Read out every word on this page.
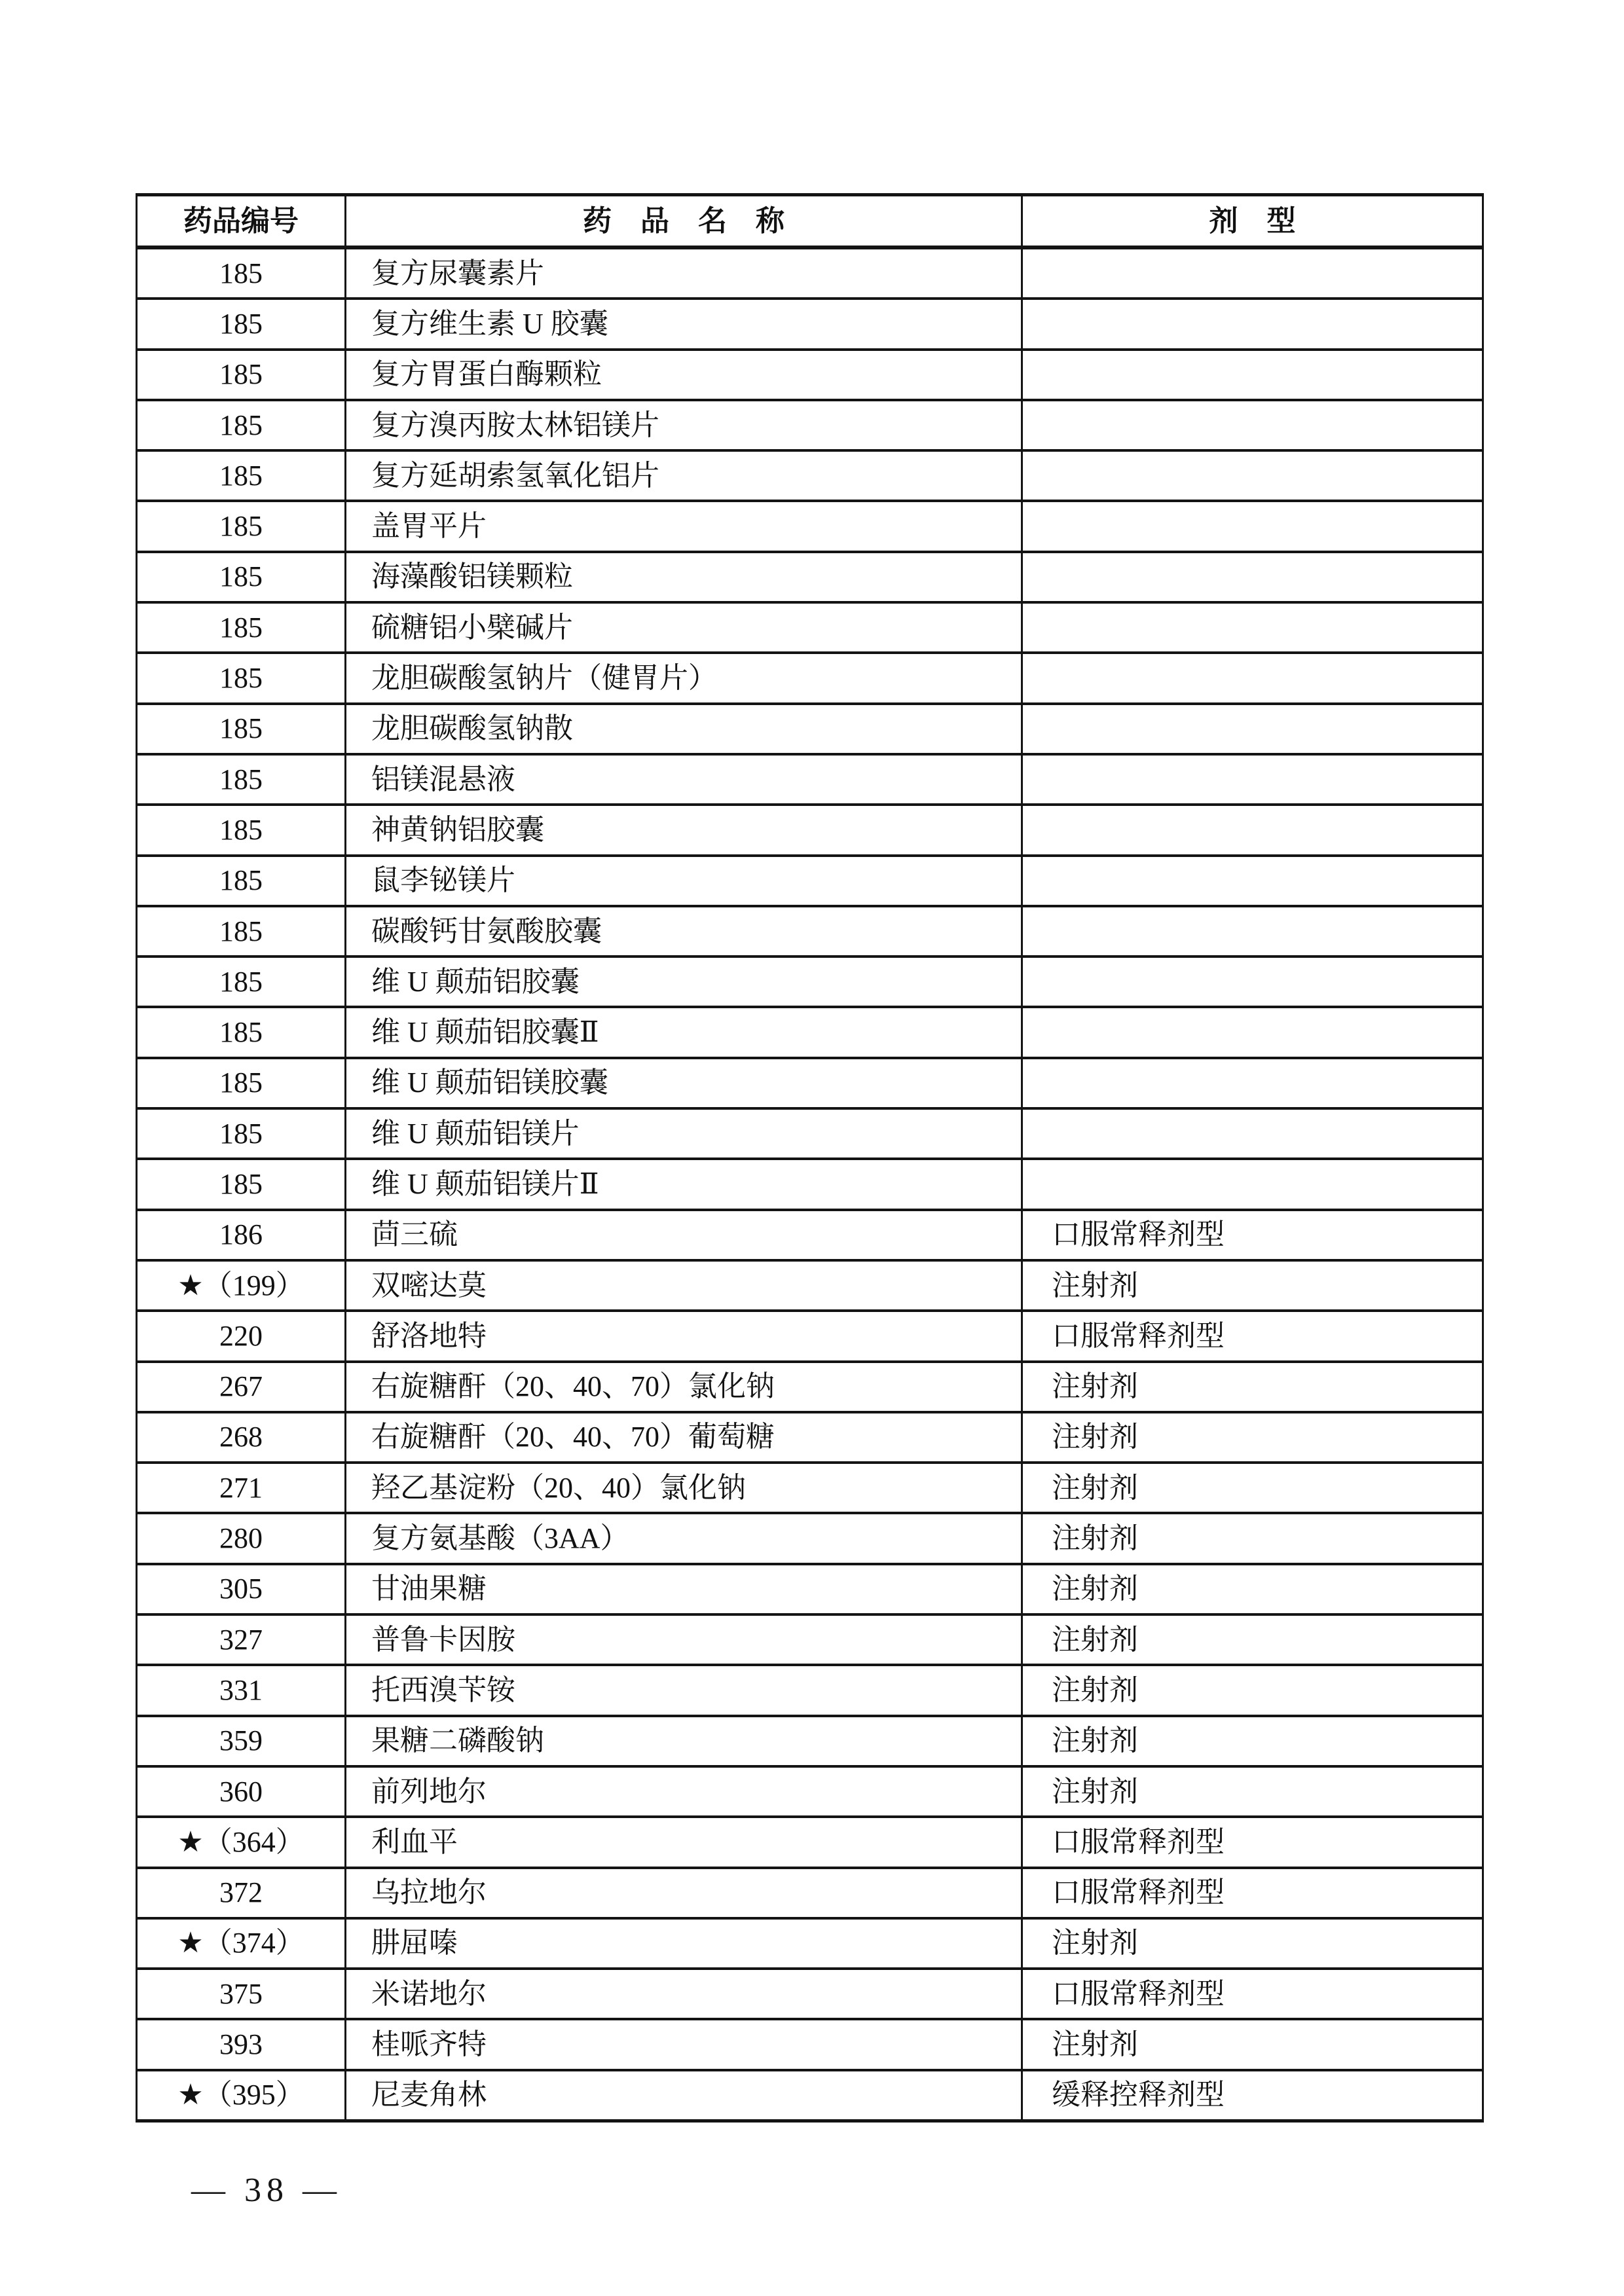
药品编号	药　品　名　称	剂　型
185	复方尿囊素片
185	复方维生素 U 胶囊
185	复方胃蛋白酶颗粒
185	复方溴丙胺太林铝镁片
185	复方延胡索氢氧化铝片
185	盖胃平片
185	海藻酸铝镁颗粒
185	硫糖铝小檗碱片
185	龙胆碳酸氢钠片（健胃片）
185	龙胆碳酸氢钠散
185	铝镁混悬液
185	神黄钠铝胶囊
185	鼠李铋镁片
185	碳酸钙甘氨酸胶囊
185	维 U 颠茄铝胶囊
185	维 U 颠茄铝胶囊Ⅱ
185	维 U 颠茄铝镁胶囊
185	维 U 颠茄铝镁片
185	维 U 颠茄铝镁片Ⅱ
186	茴三硫	口服常释剂型
★（199）	双嘧达莫	注射剂
220	舒洛地特	口服常释剂型
267	右旋糖酐（20、40、70）氯化钠	注射剂
268	右旋糖酐（20、40、70）葡萄糖	注射剂
271	羟乙基淀粉（20、40）氯化钠	注射剂
280	复方氨基酸（3AA）	注射剂
305	甘油果糖	注射剂
327	普鲁卡因胺	注射剂
331	托西溴苄铵	注射剂
359	果糖二磷酸钠	注射剂
360	前列地尔	注射剂
★（364）	利血平	口服常释剂型
372	乌拉地尔	口服常释剂型
★（374）	肼屈嗪	注射剂
375	米诺地尔	口服常释剂型
393	桂哌齐特	注射剂
★（395）	尼麦角林	缓释控释剂型
— 38 —
